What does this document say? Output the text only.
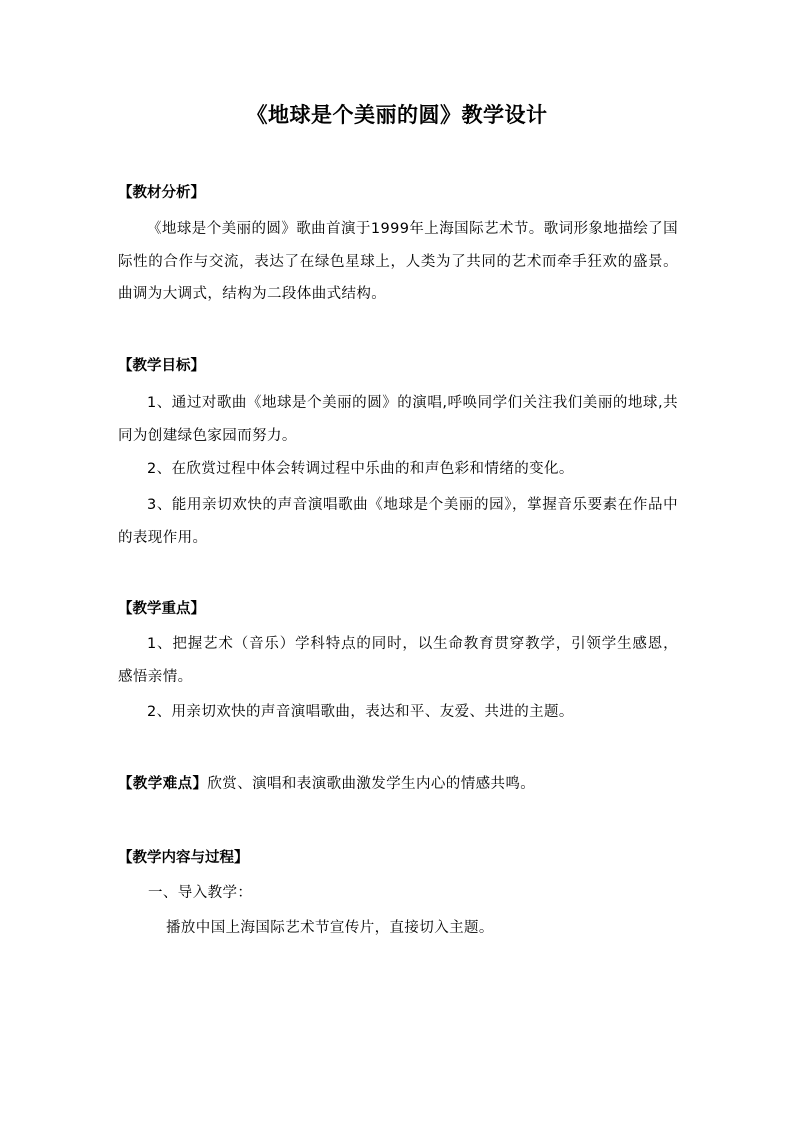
《地球是个美丽的圆》教学设计
【教材分析】
《地球是个美丽的圆》歌曲首演于1999年上海国际艺术节。歌词形象地描绘了国际性的合作与交流，表达了在绿色星球上，人类为了共同的艺术而牵手狂欢的盛景。曲调为大调式，结构为二段体曲式结构。
【教学目标】
1、通过对歌曲《地球是个美丽的圆》的演唱,呼唤同学们关注我们美丽的地球,共同为创建绿色家园而努力。
2、在欣赏过程中体会转调过程中乐曲的和声色彩和情绪的变化。
3、能用亲切欢快的声音演唱歌曲《地球是个美丽的园》，掌握音乐要素在作品中的表现作用。
【教学重点】
1、把握艺术（音乐）学科特点的同时，以生命教育贯穿教学，引领学生感恩，感悟亲情。
2、用亲切欢快的声音演唱歌曲，表达和平、友爱、共进的主题。
【教学难点】欣赏、演唱和表演歌曲激发学生内心的情感共鸣。
【教学内容与过程】
一、导入教学：
播放中国上海国际艺术节宣传片，直接切入主题。
